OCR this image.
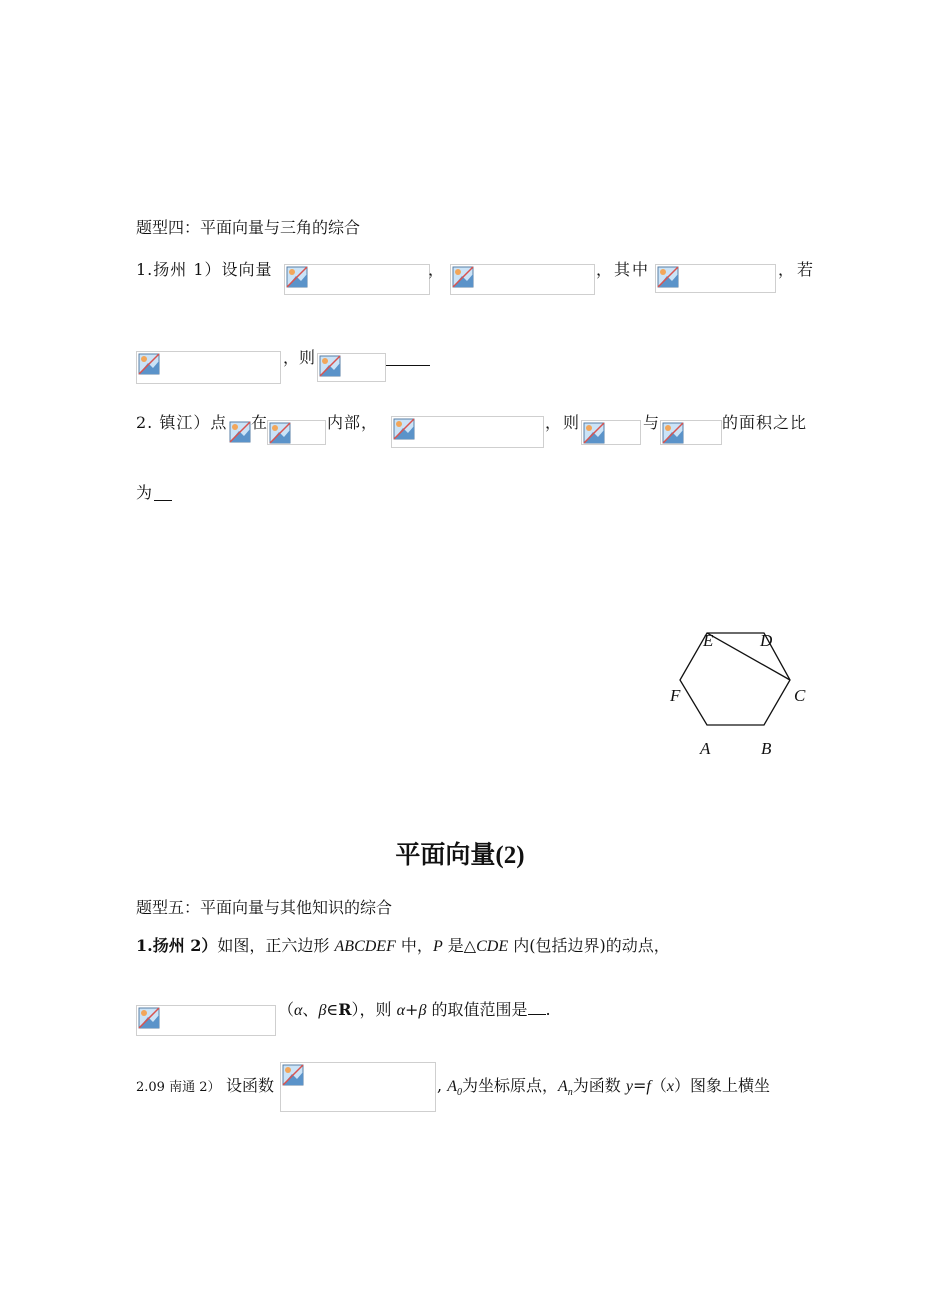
题型四：平面向量与三角的综合
1.扬州 1）设向量	，	，其中	，若
，则
2. 镇江）点 在	内部，	，则	与	的面积之比
为
A	B
C
D
E
F
平面向量(2)
题型五：平面向量与其他知识的综合
1.扬州 2）如图，正六边形 ABCDEF 中，P 是△CDE 内(包括边界)的动点，
（α、β∈R），则 α+β 的取值范围是 .
2.09 南通 2） 设函数	, $A_0$为坐标原点，$A_n$为函数 y=f（x）图象上横坐
